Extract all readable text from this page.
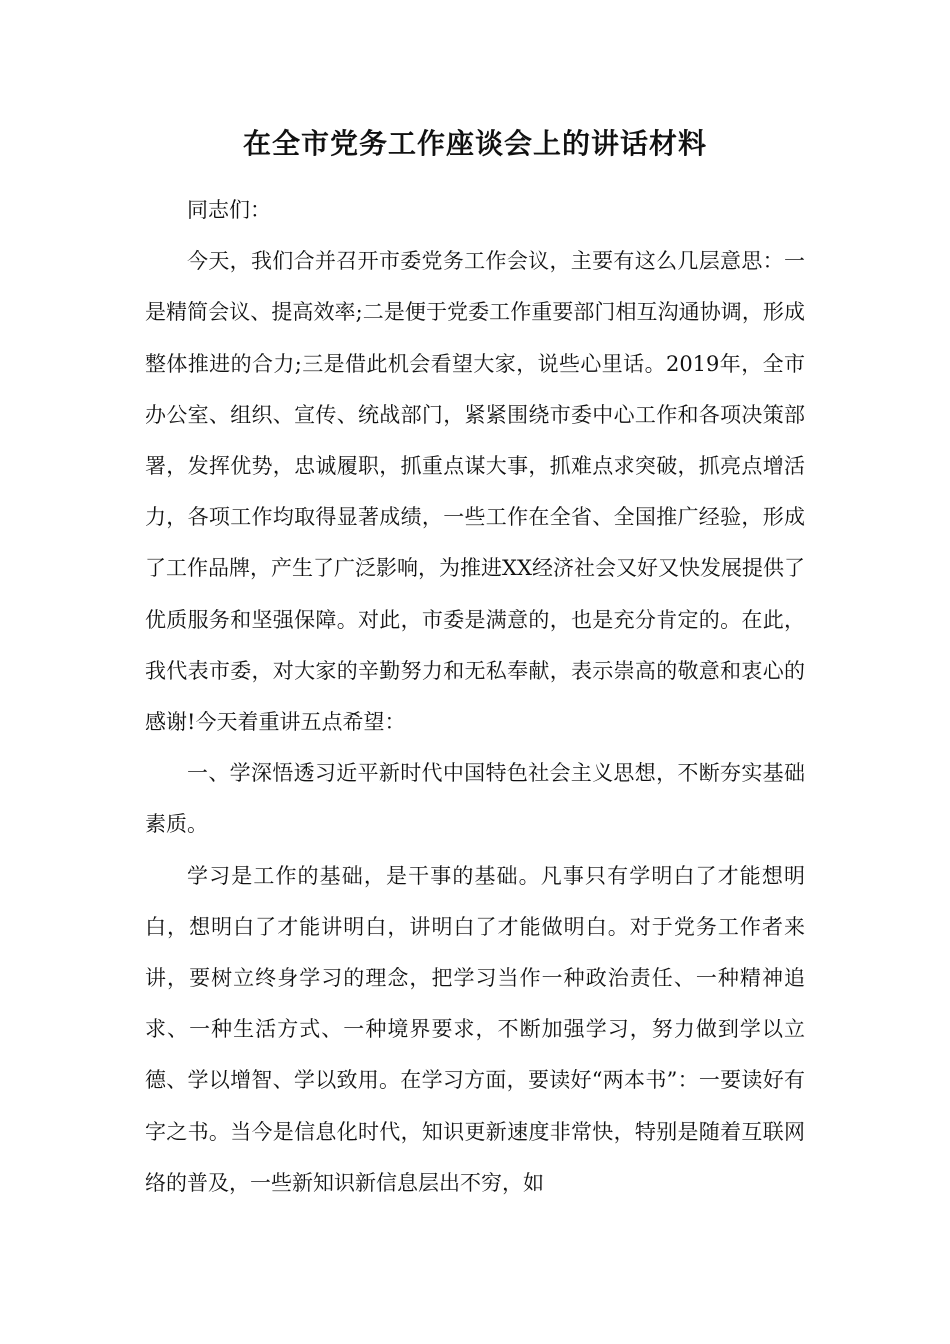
在全市党务工作座谈会上的讲话材料

同志们：

今天，我们合并召开市委党务工作会议，主要有这么几层意思：一是精简会议、提高效率;二是便于党委工作重要部门相互沟通协调，形成整体推进的合力;三是借此机会看望大家，说些心里话。2019年，全市办公室、组织、宣传、统战部门，紧紧围绕市委中心工作和各项决策部署，发挥优势，忠诚履职，抓重点谋大事，抓难点求突破，抓亮点增活力，各项工作均取得显著成绩，一些工作在全省、全国推广经验，形成了工作品牌，产生了广泛影响，为推进XX经济社会又好又快发展提供了优质服务和坚强保障。对此，市委是满意的，也是充分肯定的。在此，我代表市委，对大家的辛勤努力和无私奉献，表示崇高的敬意和衷心的感谢!今天着重讲五点希望：

一、学深悟透习近平新时代中国特色社会主义思想，不断夯实基础素质。

学习是工作的基础，是干事的基础。凡事只有学明白了才能想明白，想明白了才能讲明白，讲明白了才能做明白。对于党务工作者来讲，要树立终身学习的理念，把学习当作一种政治责任、一种精神追求、一种生活方式、一种境界要求，不断加强学习，努力做到学以立德、学以增智、学以致用。在学习方面，要读好“两本书”：一要读好有字之书。当今是信息化时代，知识更新速度非常快，特别是随着互联网络的普及，一些新知识新信息层出不穷，如
